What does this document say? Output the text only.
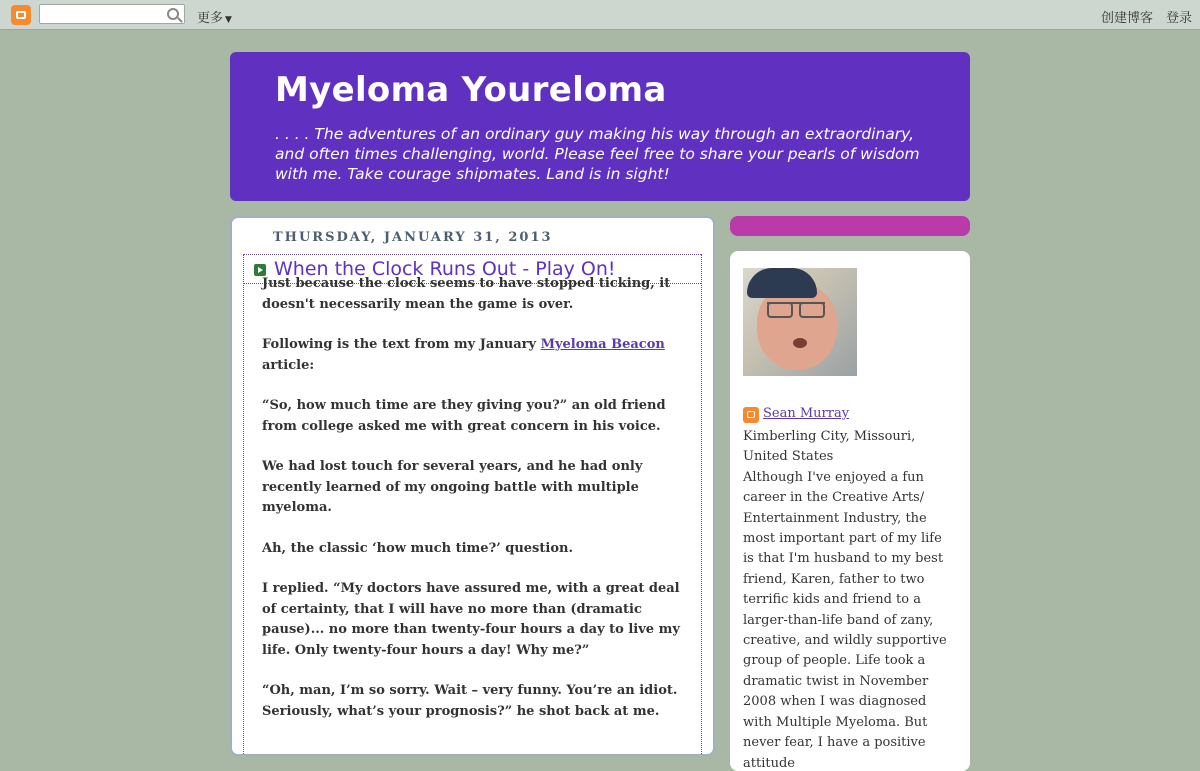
更多 ▼	创建博客 登录
Myeloma Youreloma

. . . . The adventures of an ordinary guy making his way through an extraordinary, and often times challenging, world. Please feel free to share your pearls of wisdom with me. Take courage shipmates. Land is in sight!

THURSDAY, JANUARY 31, 2013
When the Clock Runs Out - Play On!

Just because the clock seems to have stopped ticking, it doesn't necessarily mean the game is over.

Following is the text from my January Myeloma Beacon article:

“So, how much time are they giving you?” an old friend from college asked me with great concern in his voice.

We had lost touch for several years, and he had only recently learned of my ongoing battle with multiple myeloma.

Ah, the classic ‘how much time?’ question.

I replied. “My doctors have assured me, with a great deal of certainty, that I will have no more than (dramatic pause)... no more than twenty-four hours a day to live my life. Only twenty-four hours a day! Why me?”

“Oh, man, I’m so sorry. Wait – very funny. You’re an idiot. Seriously, what’s your prognosis?” he shot back at me.

Sean Murray

Kimberling City, Missouri, United States

Although I've enjoyed a fun career in the Creative Arts/ Entertainment Industry, the most important part of my life is that I'm husband to my best friend, Karen, father to two terrific kids and friend to a larger-than-life band of zany, creative, and wildly supportive group of people. Life took a dramatic twist in November 2008 when I was diagnosed with Multiple Myeloma. But never fear, I have a positive attitude
